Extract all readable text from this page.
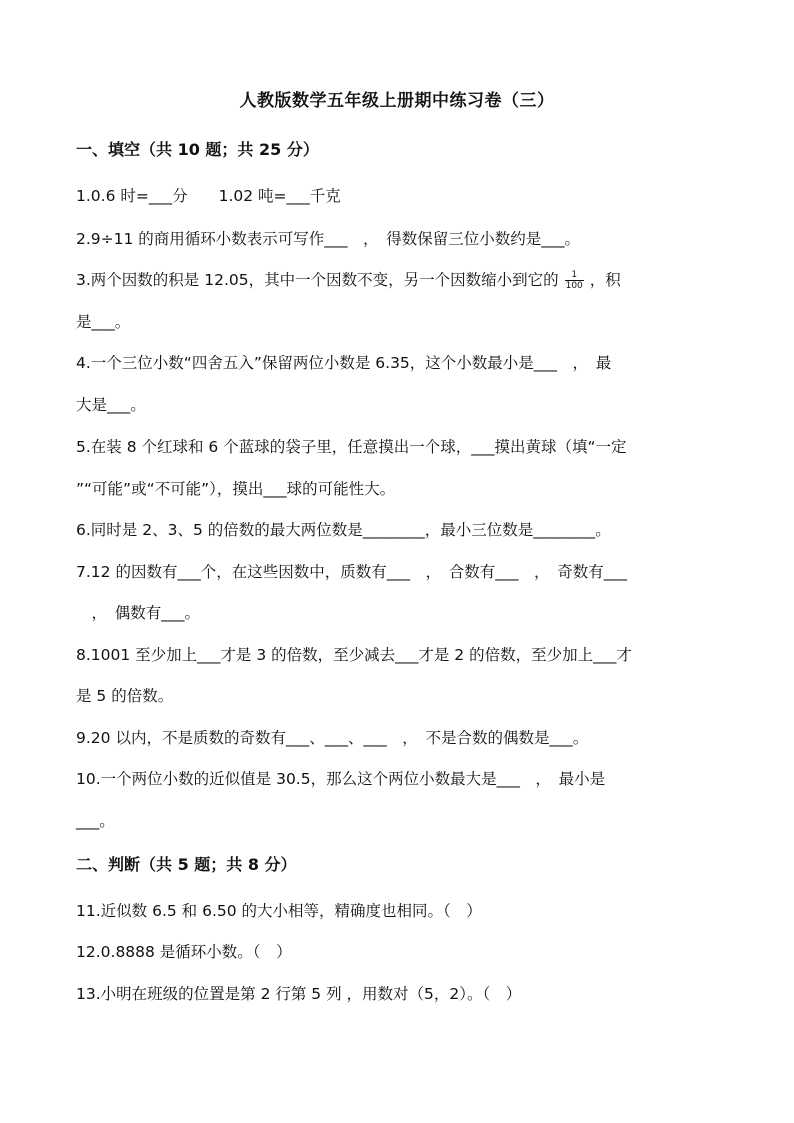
人教版数学五年级上册期中练习卷（三）
一、填空（共 10 题；共 25 分）
1.0.6 时=___分　　1.02 吨=___千克
2.9÷11 的商用循环小数表示可写作___　，　得数保留三位小数约是___。
3.两个因数的积是 12.05，其中一个因数不变，另一个因数缩小到它的 $\frac{1}{100}$ ，积
是___。
4.一个三位小数“四舍五入”保留两位小数是 6.35，这个小数最小是___　，　最
大是___。
5.在装 8 个红球和 6 个蓝球的袋子里，任意摸出一个球，___摸出黄球（填“一定
”“可能”或“不可能”），摸出___球的可能性大。
6.同时是 2、3、5 的倍数的最大两位数是________，最小三位数是________。
7.12 的因数有___个，在这些因数中，质数有___　，　合数有___　，　奇数有___
　，　偶数有___。
8.1001 至少加上___才是 3 的倍数，至少减去___才是 2 的倍数，至少加上___才
是 5 的倍数。
9.20 以内，不是质数的奇数有___、___、___　，　不是合数的偶数是___。
10.一个两位小数的近似值是 30.5，那么这个两位小数最大是___　，　最小是
___。
二、判断（共 5 题；共 8 分）
11.近似数 6.5 和 6.50 的大小相等，精确度也相同。（　）
12.0.8888 是循环小数。（　）
13.小明在班级的位置是第 2 行第 5 列 ，用数对（5，2）。（　）
